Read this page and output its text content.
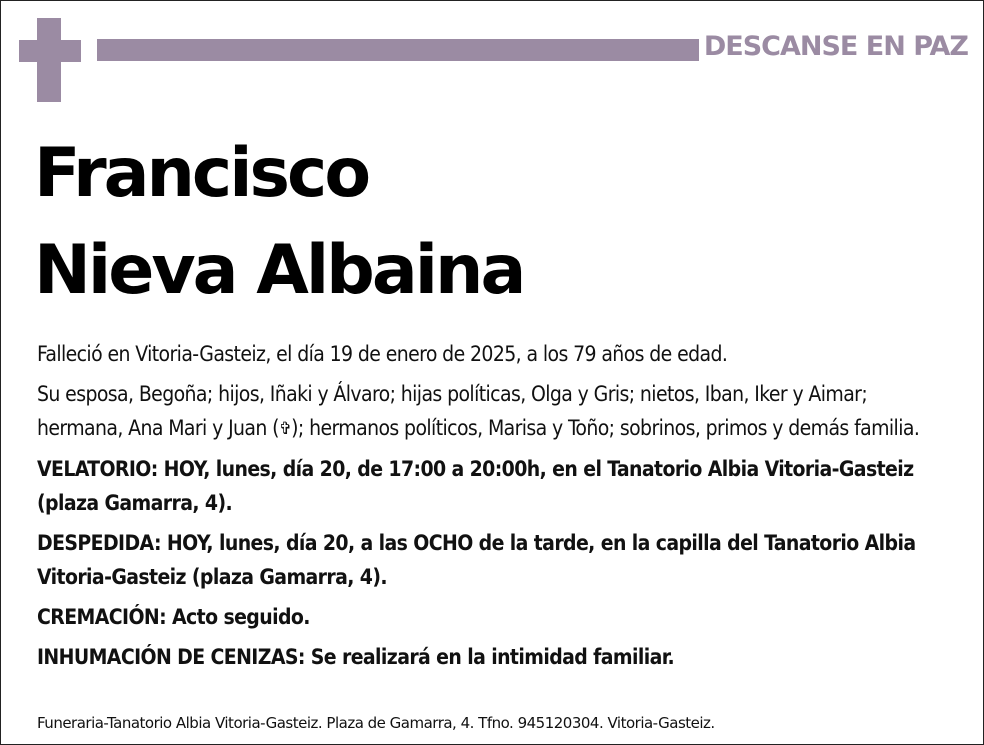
DESCANSE EN PAZ
Francisco
Nieva Albaina

Falleció en Vitoria-Gasteiz, el día 19 de enero de 2025, a los 79 años de edad.

Su esposa, Begoña; hijos, Iñaki y Álvaro; hijas políticas, Olga y Gris; nietos, Iban, Iker y Aimar; hermana, Ana Mari y Juan (✞); hermanos políticos, Marisa y Toño; sobrinos, primos y demás familia.

VELATORIO: HOY, lunes, día 20, de 17:00 a 20:00h, en el Tanatorio Albia Vitoria-Gasteiz (plaza Gamarra, 4).

DESPEDIDA: HOY, lunes, día 20, a las OCHO de la tarde, en la capilla del Tanatorio Albia Vitoria-Gasteiz (plaza Gamarra, 4).

CREMACIÓN: Acto seguido.

INHUMACIÓN DE CENIZAS: Se realizará en la intimidad familiar.

Funeraria-Tanatorio Albia Vitoria-Gasteiz. Plaza de Gamarra, 4. Tfno. 945120304. Vitoria-Gasteiz.
